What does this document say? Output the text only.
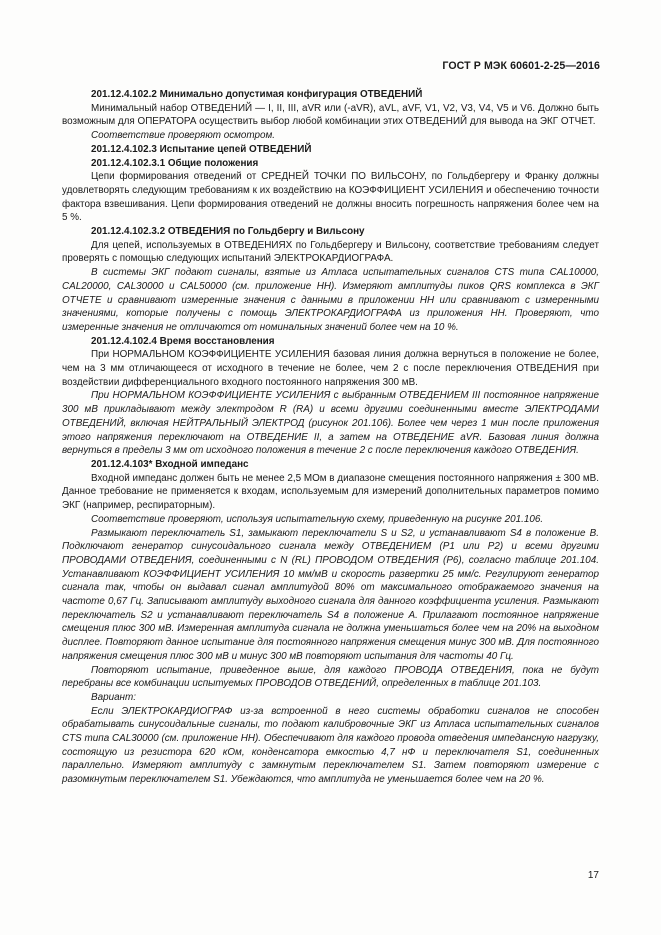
ГОСТ Р МЭК 60601-2-25—2016

201.12.4.102.2 Минимально допустимая конфигурация ОТВЕДЕНИЙ

Минимальный набор ОТВЕДЕНИЙ — I, II, III, aVR или (-aVR), aVL, aVF, V1, V2, V3, V4, V5 и V6. Должно быть возможным для ОПЕРАТОРА осуществить выбор любой комбинации этих ОТВЕДЕНИЙ для вывода на ЭКГ ОТЧЕТ.

Соответствие проверяют осмотром.

201.12.4.102.3 Испытание цепей ОТВЕДЕНИЙ

201.12.4.102.3.1 Общие положения

Цепи формирования отведений от СРЕДНЕЙ ТОЧКИ ПО ВИЛЬСОНУ, по Гольдбергеру и Франку должны удовлетворять следующим требованиям к их воздействию на КОЭФФИЦИЕНТ УСИЛЕНИЯ и обеспечению точности фактора взвешивания. Цепи формирования отведений не должны вносить погрешность напряжения более чем на 5 %.

201.12.4.102.3.2 ОТВЕДЕНИЯ по Гольдбергу и Вильсону

Для цепей, используемых в ОТВЕДЕНИЯХ по Гольдбергеру и Вильсону, соответствие требованиям следует проверять с помощью следующих испытаний ЭЛЕКТРОКАРДИОГРАФА.

В системы ЭКГ подают сигналы, взятые из Атласа испытательных сигналов CTS типа CAL10000, CAL20000, CAL30000 и CAL50000 (см. приложение НН). Измеряют амплитуды пиков QRS комплекса в ЭКГ ОТЧЕТЕ и сравнивают измеренные значения с данными в приложении НН или сравнивают с измеренными значениями, которые получены с помощь ЭЛЕКТРОКАРДИОГРАФА из приложения НН. Проверяют, что измеренные значения не отличаются от номинальных значений более чем на 10 %.

201.12.4.102.4 Время восстановления

При НОРМАЛЬНОМ КОЭФФИЦИЕНТЕ УСИЛЕНИЯ базовая линия должна вернуться в положение не более, чем на 3 мм отличающееся от исходного в течение не более, чем 2 с после переключения ОТВЕДЕНИЯ при воздействии дифференциального входного постоянного напряжения 300 мВ.

При НОРМАЛЬНОМ КОЭФФИЦИЕНТЕ УСИЛЕНИЯ с выбранным ОТВЕДЕНИЕМ III постоянное напряжение 300 мВ прикладывают между электродом R (RA) и всеми другими соединенными вместе ЭЛЕКТРОДАМИ ОТВЕДЕНИЙ, включая НЕЙТРАЛЬНЫЙ ЭЛЕКТРОД (рисунок 201.106). Более чем через 1 мин после приложения этого напряжения переключают на ОТВЕДЕНИЕ II, а затем на ОТВЕДЕНИЕ aVR. Базовая линия должна вернуться в пределы 3 мм от исходного положения в течение 2 с после переключения каждого ОТВЕДЕНИЯ.

201.12.4.103* Входной импеданс

Входной импеданс должен быть не менее 2,5 МОм в диапазоне смещения постоянного напряжения ± 300 мВ. Данное требование не применяется к входам, используемым для измерений дополнительных параметров помимо ЭКГ (например, респираторным).

Соответствие проверяют, используя испытательную схему, приведенную на рисунке 201.106.

Размыкают переключатель S1, замыкают переключатели S и S2, и устанавливают S4 в положение B. Подключают генератор синусоидального сигнала между ОТВЕДЕНИЕМ (P1 или P2) и всеми другими ПРОВОДАМИ ОТВЕДЕНИЯ, соединенными с N (RL) ПРОВОДОМ ОТВЕДЕНИЯ (P6), согласно таблице 201.104. Устанавливают КОЭФФИЦИЕНТ УСИЛЕНИЯ 10 мм/мВ и скорость развертки 25 мм/с. Регулируют генератор сигнала так, чтобы он выдавал сигнал амплитудой 80% от максимального отображаемого значения на частоте 0,67 Гц. Записывают амплитуду выходного сигнала для данного коэффициента усиления. Размыкают переключатель S2 и устанавливают переключатель S4 в положение A. Прилагают постоянное напряжение смещения плюс 300 мВ. Измеренная амплитуда сигнала не должна уменьшаться более чем на 20% на выходном дисплее. Повторяют данное испытание для постоянного напряжения смещения минус 300 мВ. Для постоянного напряжения смещения плюс 300 мВ и минус 300 мВ повторяют испытания для частоты 40 Гц.

Повторяют испытание, приведенное выше, для каждого ПРОВОДА ОТВЕДЕНИЯ, пока не будут перебраны все комбинации испытуемых ПРОВОДОВ ОТВЕДЕНИЙ, определенных в таблице 201.103.

Вариант:

Если ЭЛЕКТРОКАРДИОГРАФ из-за встроенной в него системы обработки сигналов не способен обрабатывать синусоидальные сигналы, то подают калибровочные ЭКГ из Атласа испытательных сигналов CTS типа CAL30000 (см. приложение НН). Обеспечивают для каждого провода отведения импедансную нагрузку, состоящую из резистора 620 кОм, конденсатора емкостью 4,7 нФ и переключателя S1, соединенных параллельно. Измеряют амплитуду с замкнутым переключателем S1. Затем повторяют измерение с разомкнутым переключателем S1. Убеждаются, что амплитуда не уменьшается более чем на 20 %.

17
